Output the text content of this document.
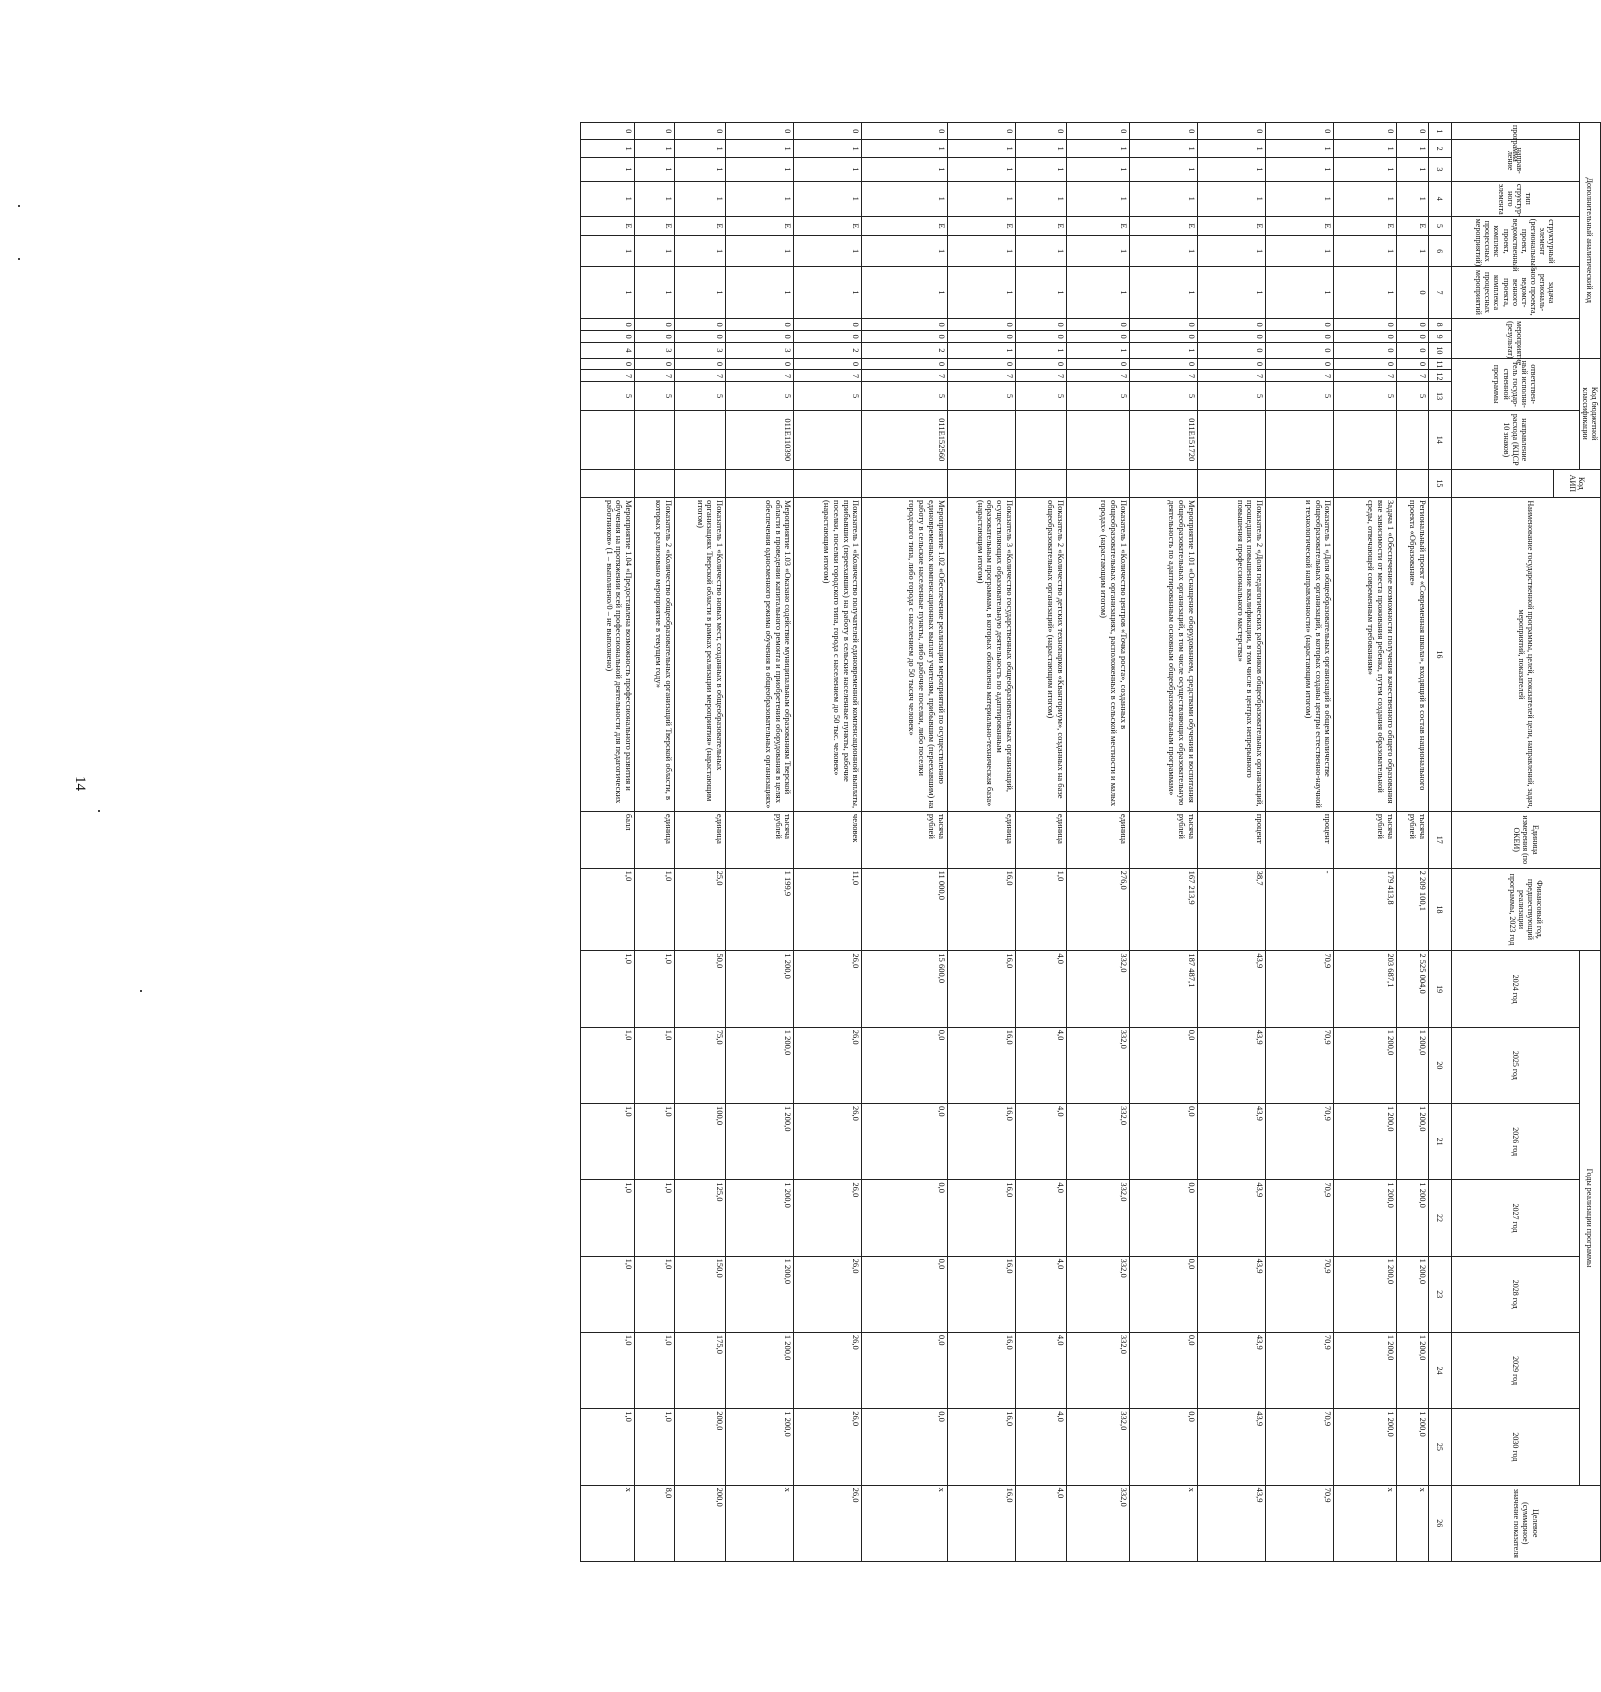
14
Дополнительный аналитический код										Код бюджетной классификации				Код АИП	Наименование государственной программы, целей, показателей цели, направлений, задач, мероприятий, показателей	Единица измерения (по ОКЕИ)	Финансовый год, предшествующий реализации программы, 2023 год	Годы реализации программы							Целевое (суммарное) значение показателя
программа	направ-ление		тип структур-ного элемента	структурный элемент (региональный проект, ведомственный проект, комплекс процессных мероприятий)		задача региональ-ного проекта, ведомст-венного проекта, комплекса процессных мероприятий	мероприятие (результат)			ответствен-ный исполни-тель государ-ственной программы			направление расхода (КЦСР 10 знаков)					2024 год	2025 год	2026 год	2027 год	2028 год	2029 год	2030 год	

1	2	3	4	5	6	7	8	9	10	11	12	13	14	15	16	17	18	19	20	21	22	23	24	25	26
0	1	1	1	Е	1	0	0	0	0	0	7	5			Региональный проект «Современная школа», входящий в состав национального проекта «Образование»	тысяча рублей	2 209 100,1	2 525 004,0	1 200,0	1 200,0	1 200,0	1 200,0	1 200,0	1 200,0	х
0	1	1	1	Е	1	1	0	0	0	0	7	5			Задача 1 «Обеспечение возможности получения качественного общего образования вне зависимости от места проживания ребенка, путем создания образовательной среды, отвечающей современным требованиям»	тысяча рублей	179 413,8	203 687,1	1 200,0	1 200,0	1 200,0	1 200,0	1 200,0	1 200,0	х
0	1	1	1	Е	1	1	0	0	0	0	7	5			Показатель 1 «Доля общеобразовательных организаций в общем количестве общеобразовательных организаций, в которых созданы центры естественно-научной и технологической направленности» (нарастающим итогом)	процент	-	70,9	70,9	70,9	70,9	70,9	70,9	70,9	70,9
0	1	1	1	Е	1	1	0	0	0	0	7	5			Показатель 2 «Доля педагогических работников общеобразовательных организаций, прошедших повышение квалификации, в том числе в центрах непрерывного повышения профессионального мастерства»	процент	38,7	43,9	43,9	43,9	43,9	43,9	43,9	43,9	43,9
0	1	1	1	Е	1	1	0	0	1	0	7	5	011Е151720		Мероприятие 1.01 «Оснащение оборудованием, средствами обучения и воспитания общеобразовательных организаций, в том числе осуществляющих образовательную деятельность по адаптированным основным общеобразовательным программам»	тысяча рублей	167 213,9	187 487,1	0,0	0,0	0,0	0,0	0,0	0,0	х
0	1	1	1	Е	1	1	0	0	1	0	7	5			Показатель 1 «Количество центров «Точка роста», созданных в общеобразовательных организациях, расположенных в сельской местности и малых городах» (нарастающим итогом)	единица	276,0	332,0	332,0	332,0	332,0	332,0	332,0	332,0	332,0
0	1	1	1	Е	1	1	0	0	1	0	7	5			Показатель 2 «Количество детских технопарков «Кванториум», созданных на базе общеобразовательных организаций» (нарастающим итогом)	единица	1,0	4,0	4,0	4,0	4,0	4,0	4,0	4,0	4,0
0	1	1	1	Е	1	1	0	0	1	0	7	5			Показатель 3 «Количество государственных общеобразовательных организаций, осуществляющих образовательную деятельность по адаптированным образовательным программам, в которых обновлена материально-техническая база» (нарастающим итогом)	единица	16,0	16,0	16,0	16,0	16,0	16,0	16,0	16,0	16,0
0	1	1	1	Е	1	1	0	0	2	0	7	5	011Е152560		Мероприятие 1.02 «Обеспечение реализации мероприятий по осуществлению единовременных компенсационных выплат учителям, прибывшим (переехавшим) на работу в сельские населенные пункты, либо рабочие поселки, либо поселки городского типа, либо города с населением до 50 тысяч человек»	тысяча рублей	11 000,0	15 600,0	0,0	0,0	0,0	0,0	0,0	0,0	х
0	1	1	1	Е	1	1	0	0	2	0	7	5			Показатель 1 «Количество получателей единовременной компенсационной выплаты, прибывших (переехавших) на работу в сельские населенные пункты, рабочие поселки, поселки городского типа, города с населением до 50 тыс. человек» (нарастающим итогом)	человек	11,0	26,0	26,0	26,0	26,0	26,0	26,0	26,0	26,0
0	1	1	1	Е	1	1	0	0	3	0	7	5	011Е110390		Мероприятие 1.03 «Оказано содействие муниципальным образованиям Тверской области в проведении капитального ремонта и приобретении оборудования в целях обеспечения односменного режима обучения в общеобразовательных организациях»	тысяча рублей	1 199,9	1 200,0	1 200,0	1 200,0	1 200,0	1 200,0	1 200,0	1 200,0	х
0	1	1	1	Е	1	1	0	0	3	0	7	5			Показатель 1 «Количество новых мест, созданных в общеобразовательных организациях Тверской области в рамках реализации мероприятия» (нарастающим итогом)	единица	25,0	50,0	75,0	100,0	125,0	150,0	175,0	200,0	200,0
0	1	1	1	Е	1	1	0	0	3	0	7	5			Показатель 2 «Количество общеобразовательных организаций Тверской области, в которых реализовано мероприятие в текущем году»	единица	1,0	1,0	1,0	1,0	1,0	1,0	1,0	1,0	8,0
0	1	1	1	Е	1	1	0	0	4	0	7	5			Мероприятие 1.04 «Предоставлена возможность профессионального развития и обучения на протяжении всей профессиональной деятельности для педагогических работников» (1 – выполнено/0 – не выполнено)	балл	1,0	1,0	1,0	1,0	1,0	1,0	1,0	1,0	х
